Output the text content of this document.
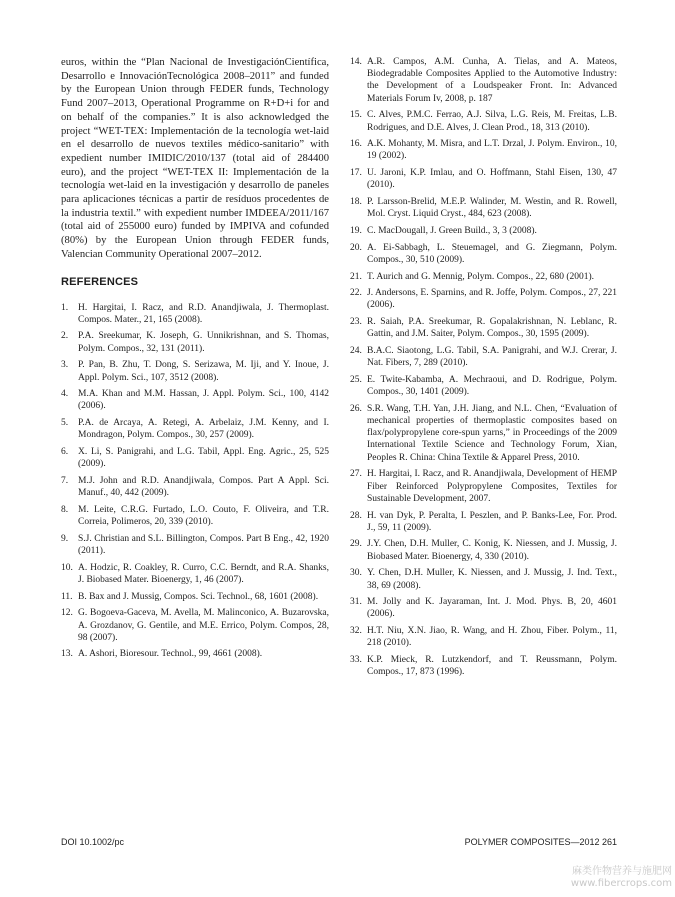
euros, within the “Plan Nacional de InvestigaciónCientífica, Desarrollo e InnovaciónTecnológica 2008–2011” and funded by the European Union through FEDER funds, Technology Fund 2007–2013, Operational Programme on R+D+i for and on behalf of the companies.” It is also acknowledged the project “WET-TEX: Implementación de la tecnología wet-laid en el desarrollo de nuevos textiles médico-sanitario” with expedient number IMIDIC/2010/137 (total aid of 284400 euro), and the project “WET-TEX II: Implementación de la tecnología wet-laid en la investigación y desarrollo de paneles para aplicaciones técnicas a partir de resíduos procedentes de la industria textil.” with expedient number IMDEEA/2011/167 (total aid of 255000 euro) funded by IMPIVA and cofunded (80%) by the European Union through FEDER funds, Valencian Community Operational 2007–2012.

REFERENCES
1.	H. Hargitai, I. Racz, and R.D. Anandjiwala, J. Thermoplast. Compos. Mater., 21, 165 (2008).
2.	P.A. Sreekumar, K. Joseph, G. Unnikrishnan, and S. Thomas, Polym. Compos., 32, 131 (2011).
3.	P. Pan, B. Zhu, T. Dong, S. Serizawa, M. Iji, and Y. Inoue, J. Appl. Polym. Sci., 107, 3512 (2008).
4.	M.A. Khan and M.M. Hassan, J. Appl. Polym. Sci., 100, 4142 (2006).
5.	P.A. de Arcaya, A. Retegi, A. Arbelaiz, J.M. Kenny, and I. Mondragon, Polym. Compos., 30, 257 (2009).
6.	X. Li, S. Panigrahi, and L.G. Tabil, Appl. Eng. Agric., 25, 525 (2009).
7.	M.J. John and R.D. Anandjiwala, Compos. Part A Appl. Sci. Manuf., 40, 442 (2009).
8.	M. Leite, C.R.G. Furtado, L.O. Couto, F. Oliveira, and T.R. Correia, Polimeros, 20, 339 (2010).
9.	S.J. Christian and S.L. Billington, Compos. Part B Eng., 42, 1920 (2011).
10. A. Hodzic, R. Coakley, R. Curro, C.C. Berndt, and R.A. Shanks, J. Biobased Mater. Bioenergy, 1, 46 (2007).
11. B. Bax and J. Mussig, Compos. Sci. Technol., 68, 1601 (2008).
12. G. Bogoeva-Gaceva, M. Avella, M. Malinconico, A. Buzarovska, A. Grozdanov, G. Gentile, and M.E. Errico, Polym. Compos, 28, 98 (2007).
13. A. Ashori, Bioresour. Technol., 99, 4661 (2008).
14. A.R. Campos, A.M. Cunha, A. Tielas, and A. Mateos, Biodegradable Composites Applied to the Automotive Industry: the Development of a Loudspeaker Front. In: Advanced Materials Forum Iv, 2008, p. 187
15. C. Alves, P.M.C. Ferrao, A.J. Silva, L.G. Reis, M. Freitas, L.B. Rodrigues, and D.E. Alves, J. Clean Prod., 18, 313 (2010).
16. A.K. Mohanty, M. Misra, and L.T. Drzal, J. Polym. Environ., 10, 19 (2002).
17. U. Jaroni, K.P. Imlau, and O. Hoffmann, Stahl Eisen, 130, 47 (2010).
18. P. Larsson-Brelid, M.E.P. Walinder, M. Westin, and R. Rowell, Mol. Cryst. Liquid Cryst., 484, 623 (2008).
19. C. MacDougall, J. Green Build., 3, 3 (2008).
20. A. Ei-Sabbagh, L. Steuemagel, and G. Ziegmann, Polym. Compos., 30, 510 (2009).
21. T. Aurich and G. Mennig, Polym. Compos., 22, 680 (2001).
22. J. Andersons, E. Sparnins, and R. Joffe, Polym. Compos., 27, 221 (2006).
23. R. Saiah, P.A. Sreekumar, R. Gopalakrishnan, N. Leblanc, R. Gattin, and J.M. Saiter, Polym. Compos., 30, 1595 (2009).
24. B.A.C. Siaotong, L.G. Tabil, S.A. Panigrahi, and W.J. Crerar, J. Nat. Fibers, 7, 289 (2010).
25. E. Twite-Kabamba, A. Mechraoui, and D. Rodrigue, Polym. Compos., 30, 1401 (2009).
26. S.R. Wang, T.H. Yan, J.H. Jiang, and N.L. Chen, “Evaluation of mechanical properties of thermoplastic composites based on flax/polypropylene core-spun yarns,” in Proceedings of the 2009 International Textile Science and Technology Forum, Xian, Peoples R. China: China Textile & Apparel Press, 2010.
27. H. Hargitai, I. Racz, and R. Anandjiwala, Development of HEMP Fiber Reinforced Polypropylene Composites, Textiles for Sustainable Development, 2007.
28. H. van Dyk, P. Peralta, I. Peszlen, and P. Banks-Lee, For. Prod. J., 59, 11 (2009).
29. J.Y. Chen, D.H. Muller, C. Konig, K. Niessen, and J. Mussig, J. Biobased Mater. Bioenergy, 4, 330 (2010).
30. Y. Chen, D.H. Muller, K. Niessen, and J. Mussig, J. Ind. Text., 38, 69 (2008).
31. M. Jolly and K. Jayaraman, Int. J. Mod. Phys. B, 20, 4601 (2006).
32. H.T. Niu, X.N. Jiao, R. Wang, and H. Zhou, Fiber. Polym., 11, 218 (2010).
33. K.P. Mieck, R. Lutzkendorf, and T. Reussmann, Polym. Compos., 17, 873 (1996).
DOI 10.1002/pc	POLYMER COMPOSITES—2012 261
麻类作物营养与施肥网
www.fibercrops.com
